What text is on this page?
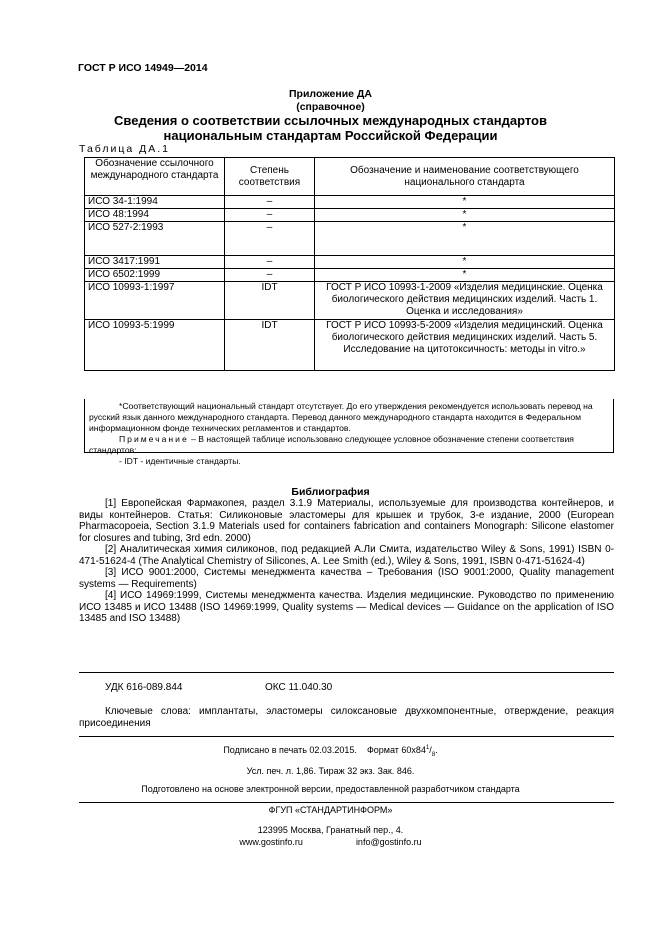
ГОСТ Р ИСО 14949—2014
Приложение ДА
(справочное)
Сведения о соответствии ссылочных международных стандартов
национальным стандартам Российской Федерации
Таблица ДА.1
Обозначение ссылочного международного стандарта	Степень соответствия	Обозначение и наименование соответствующего национального стандарта
ИСО 34-1:1994	–	*
ИСО 48:1994	–	*
ИСО 527-2:1993	–	*
ИСО 3417:1991	–	*
ИСО 6502:1999	–	*
ИСО 10993-1:1997	IDT	ГОСТ Р ИСО 10993-1-2009 «Изделия медицинские. Оценка биологического действия медицинских изделий. Часть 1. Оценка и исследования»
ИСО 10993-5:1999	IDT	ГОСТ Р ИСО 10993-5-2009 «Изделия медицинский. Оценка биологического действия медицинских изделий. Часть 5. Исследование на цитотоксичность: методы in vitro.»

*Соответствующий национальный стандарт отсутствует. До его утверждения рекомендуется использовать перевод на русский язык данного международного стандарта. Перевод данного международного стандарта находится в Федеральном информационном фонде технических регламентов и стандартов.

Примечание – В настоящей таблице использовано следующее условное обозначение степени соответствия стандартов:

- IDT - идентичные стандарты.

Библиография

[1] Европейская Фармакопея, раздел 3.1.9 Материалы, используемые для производства контейнеров, и виды контейнеров. Статья: Силиконовые эластомеры для крышек и трубок, 3-е издание, 2000 (European Pharmacopoeia, Section 3.1.9 Materials used for containers fabrication and containers Monograph: Silicone elastomer for closures and tubing, 3rd edn. 2000)

[2] Аналитическая химия силиконов, под редакцией А.Ли Смита, издательство Wiley & Sons, 1991) ISBN 0-471-51624-4 (The Analytical Chemistry of Silicones, A. Lee Smith (ed.), Wiley & Sons, 1991, ISBN 0-471-51624-4)

[3] ИСО 9001:2000, Системы менеджмента качества – Требования (ISO 9001:2000, Quality management systems — Requirements)

[4] ИСО 14969:1999, Системы менеджмента качества. Изделия медицинские. Руководство по применению ИСО 13485 и ИСО 13488 (ISO 14969:1999, Quality systems — Medical devices — Guidance on the application of ISO 13485 and ISO 13488)

УДК 616-089.844	ОКС 11.040.30
Ключевые слова: имплантаты, эластомеры силоксановые двухкомпонентные, отверждение, реакция присоединения
Подписано в печать 02.03.2015. Формат $60x84^1/_8$.
Усл. печ. л. 1,86. Тираж 32 экз. Зак. 846.
Подготовлено на основе электронной версии, предоставленной разработчиком стандарта
ФГУП «СТАНДАРТИНФОРМ»
123995 Москва, Гранатный пер., 4.
www.gostinfo.ru	info@gostinfo.ru
